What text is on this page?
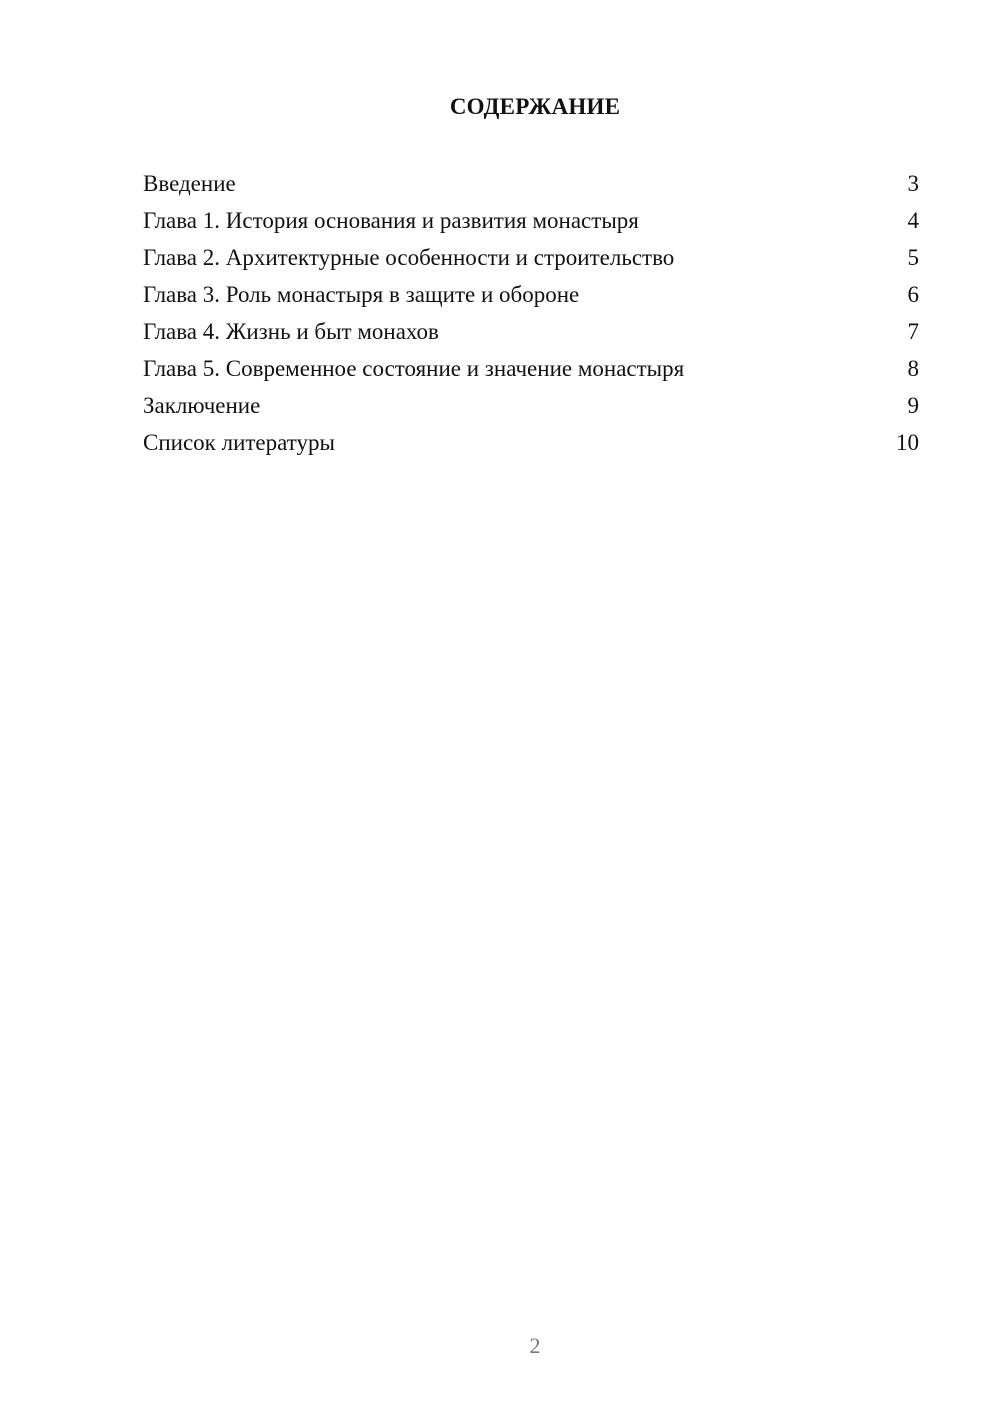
СОДЕРЖАНИЕ
Введение	3
Глава 1. История основания и развития монастыря	4
Глава 2. Архитектурные особенности и строительство	5
Глава 3. Роль монастыря в защите и обороне	6
Глава 4. Жизнь и быт монахов	7
Глава 5. Современное состояние и значение монастыря	8
Заключение	9
Список литературы	10
2
